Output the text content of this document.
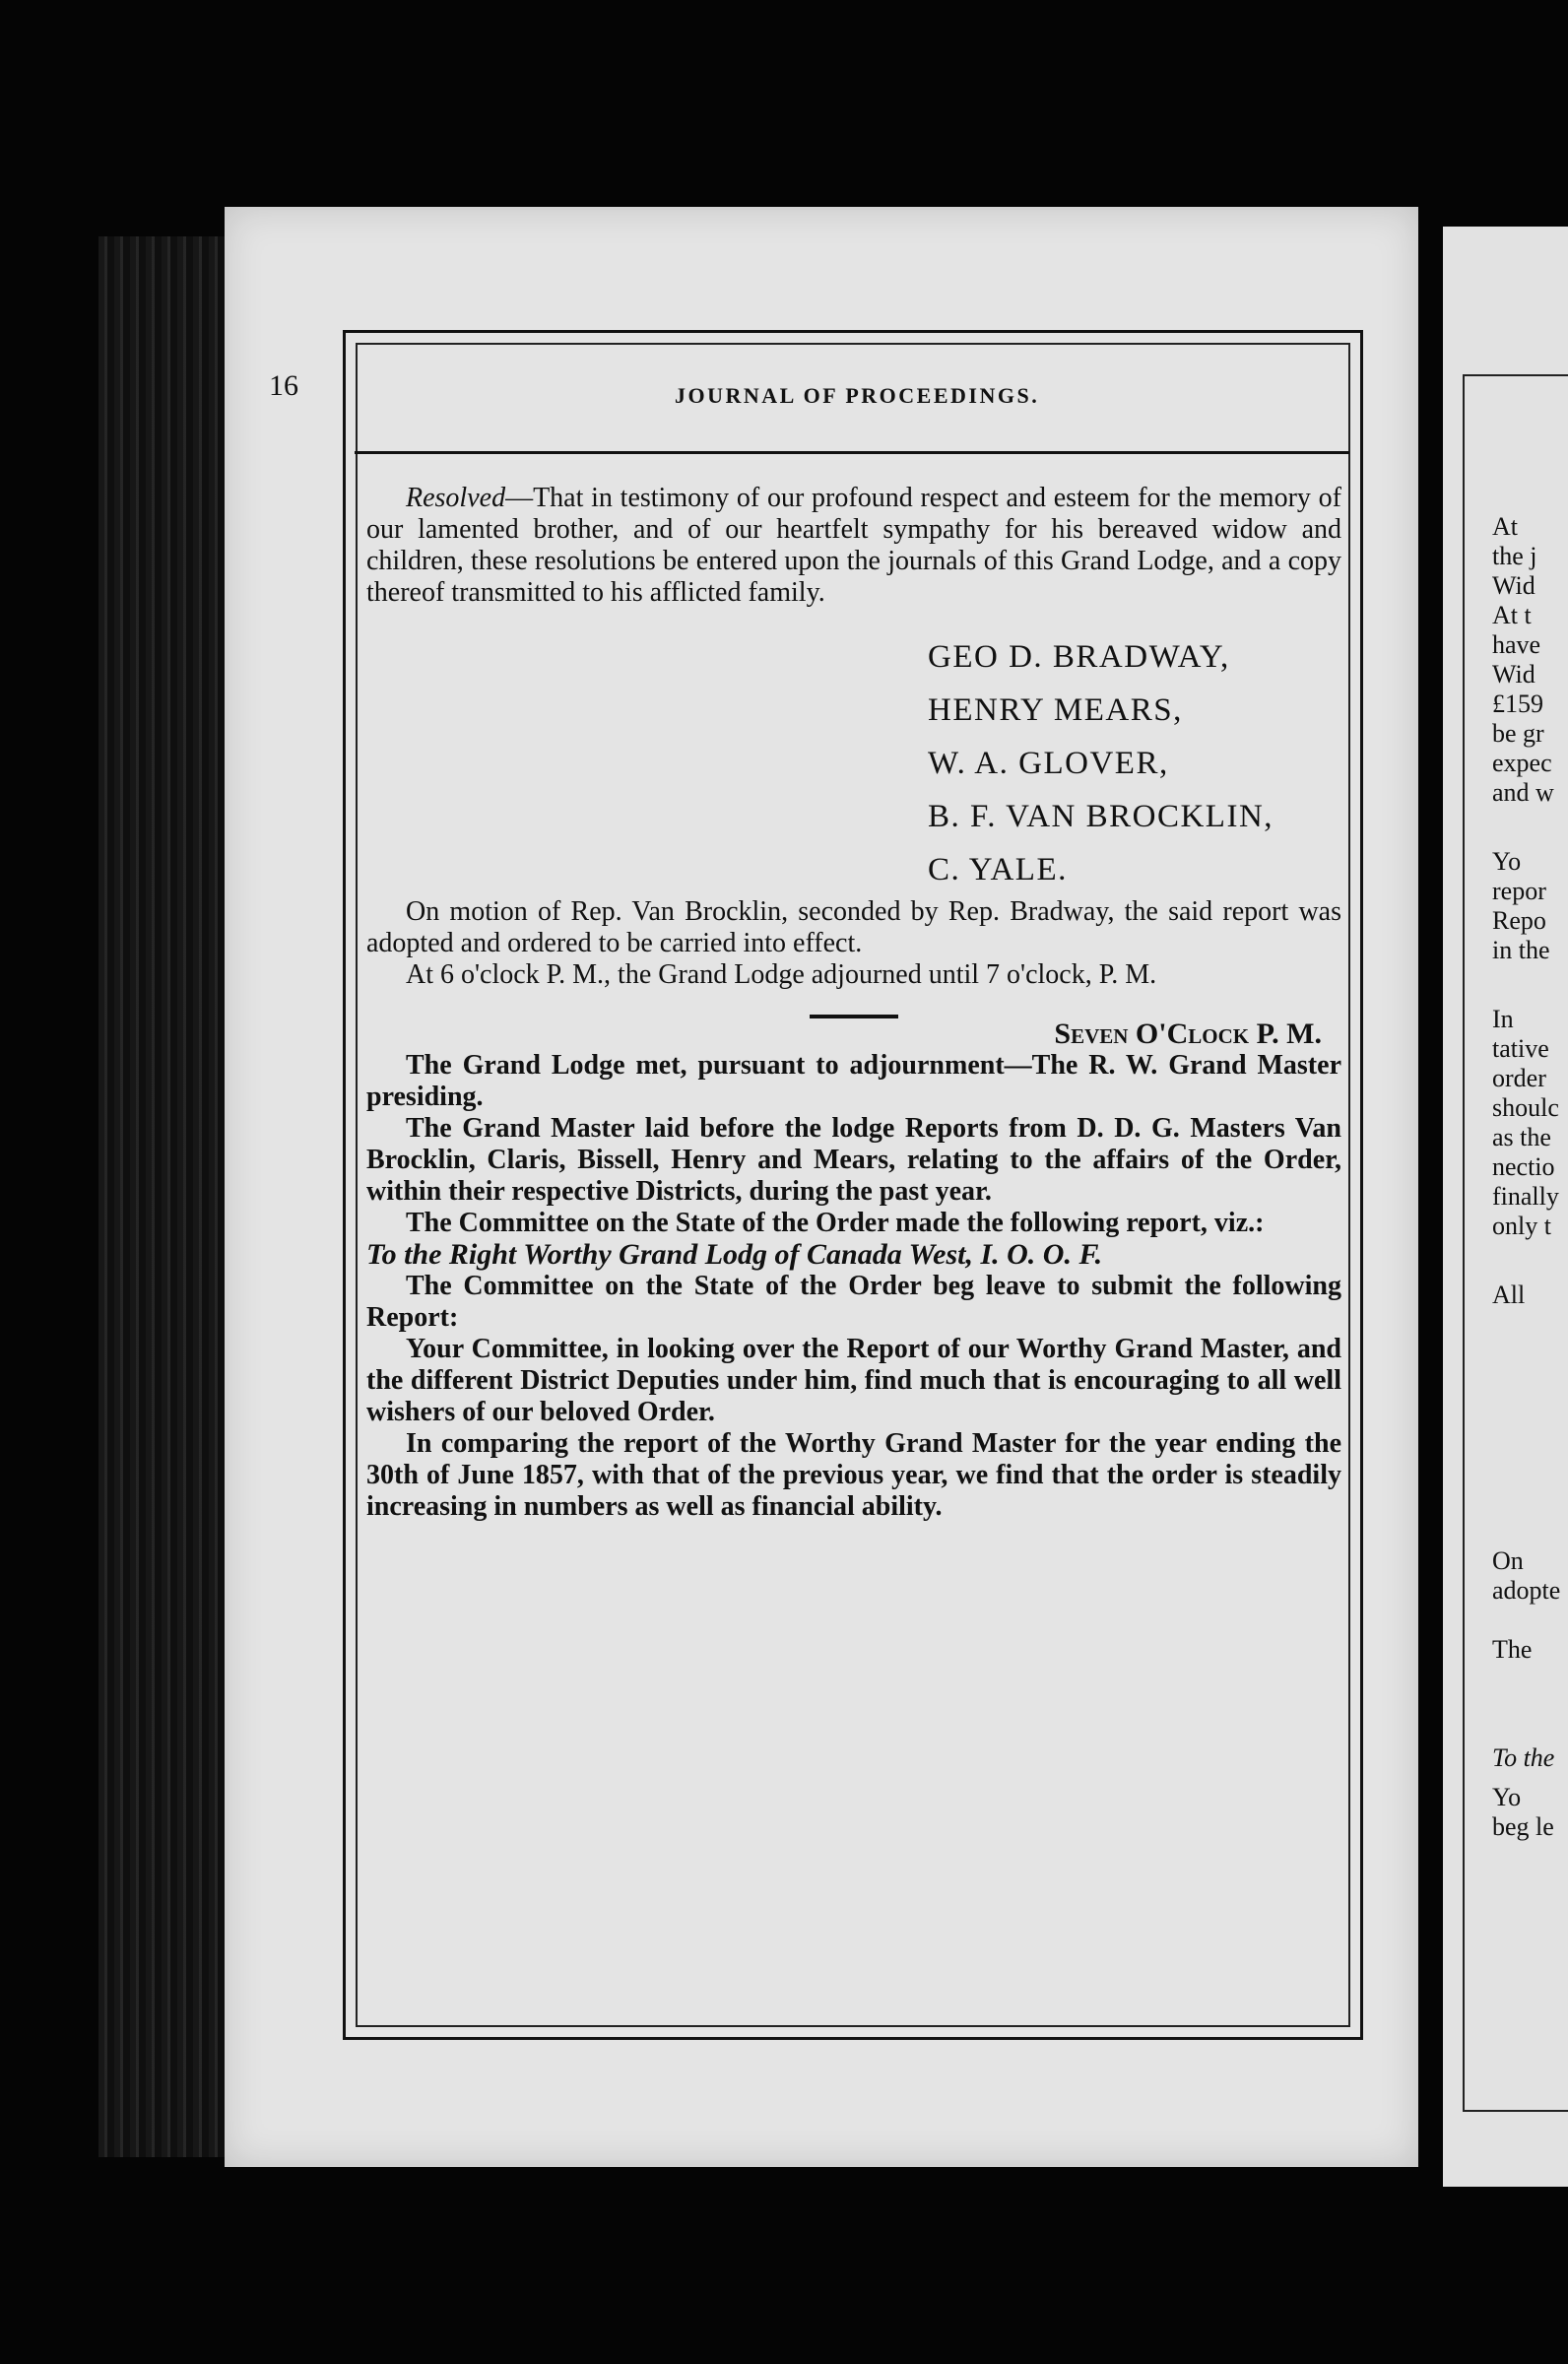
16	JOURNAL OF PROCEEDINGS.

Resolved—That in testimony of our profound respect and esteem for the memory of our lamented brother, and of our heartfelt sympathy for his bereaved widow and children, these resolutions be entered upon the journals of this Grand Lodge, and a copy thereof transmitted to his afflicted family.

GEO D. BRADWAY,
HENRY MEARS,
W. A. GLOVER,
B. F. VAN BROCKLIN,
C. YALE.

On motion of Rep. Van Brocklin, seconded by Rep. Bradway, the said report was adopted and ordered to be carried into effect.

At 6 o'clock P. M., the Grand Lodge adjourned until 7 o'clock, P. M.

Seven O'Clock P. M.

The Grand Lodge met, pursuant to adjournment—The R. W. Grand Master presiding.

The Grand Master laid before the lodge Reports from D. D. G. Masters Van Brocklin, Claris, Bissell, Henry and Mears, relating to the affairs of the Order, within their respective Districts, during the past year.

The Committee on the State of the Order made the following report, viz.:

To the Right Worthy Grand Lodg of Canada West, I. O. O. F.

The Committee on the State of the Order beg leave to submit the following Report:

Your Committee, in looking over the Report of our Worthy Grand Master, and the different District Deputies under him, find much that is encouraging to all well wishers of our beloved Order.

In comparing the report of the Worthy Grand Master for the year ending the 30th of June 1857, with that of the previous year, we find that the order is steadily increasing in numbers as well as financial ability.

At
the j
Wid
At t
have
Wid
£159
be gr
expec
and w
Yo
repor
Repo
in the
In
tative
order
shoulc
as the
nectio
finally
only t
All
On
adopte
The
To the
Yo
beg le
